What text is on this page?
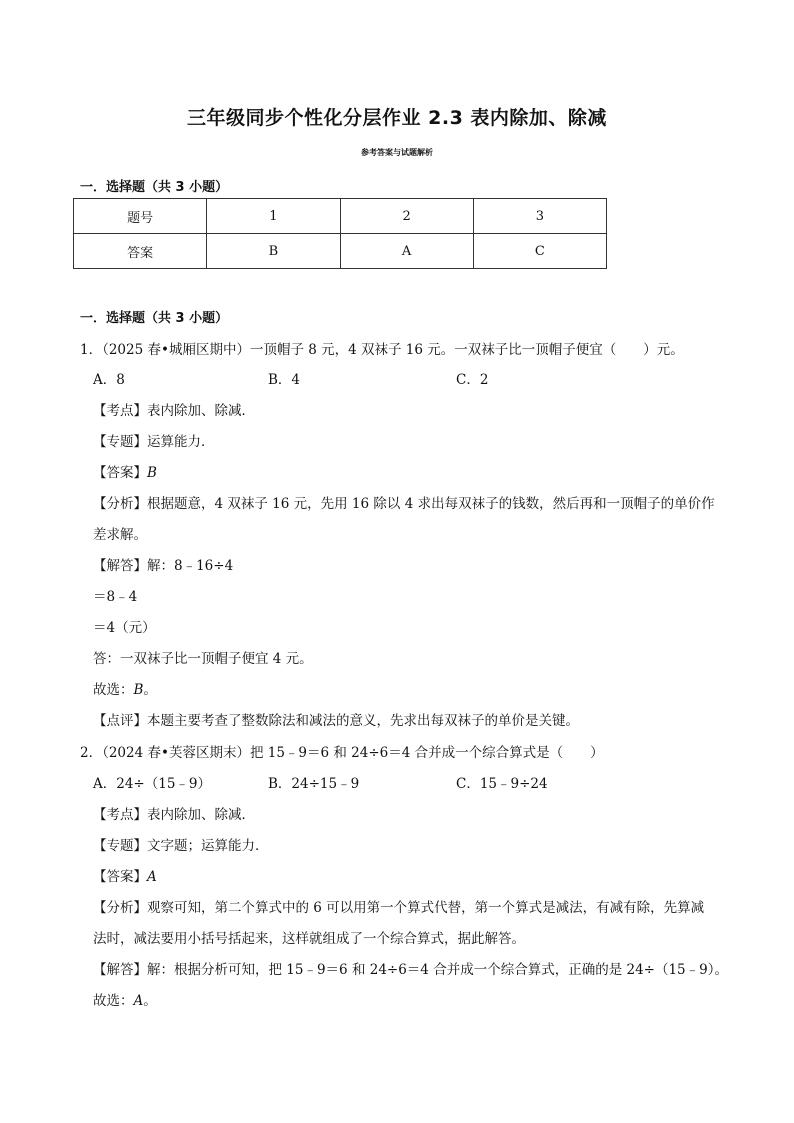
三年级同步个性化分层作业 2.3 表内除加、除减
参考答案与试题解析
一．选择题（共 3 小题）
题号	1	2	3
答案	B	A	C
一．选择题（共 3 小题）
1．（2025 春•城厢区期中）一顶帽子 8 元，4 双袜子 16 元。一双袜子比一顶帽子便宜（　　）元。
A．8	B．4	C．2
【考点】表内除加、除减．
【专题】运算能力．
【答案】B
【分析】根据题意，4 双袜子 16 元，先用 16 除以 4 求出每双袜子的钱数，然后再和一顶帽子的单价作
差求解。
【解答】解：8﹣16÷4
＝8﹣4
＝4（元）
答：一双袜子比一顶帽子便宜 4 元。
故选：B。
【点评】本题主要考查了整数除法和减法的意义，先求出每双袜子的单价是关键。
2．（2024 春•芙蓉区期末）把 15﹣9＝6 和 24÷6＝4 合并成一个综合算式是（　　）
A．24÷（15﹣9）	B．24÷15﹣9	C．15﹣9÷24
【考点】表内除加、除减．
【专题】文字题；运算能力．
【答案】A
【分析】观察可知，第二个算式中的 6 可以用第一个算式代替，第一个算式是减法，有减有除，先算减
法时，减法要用小括号括起来，这样就组成了一个综合算式，据此解答。
【解答】解：根据分析可知，把 15﹣9＝6 和 24÷6＝4 合并成一个综合算式，正确的是 24÷（15﹣9）。
故选：A。
